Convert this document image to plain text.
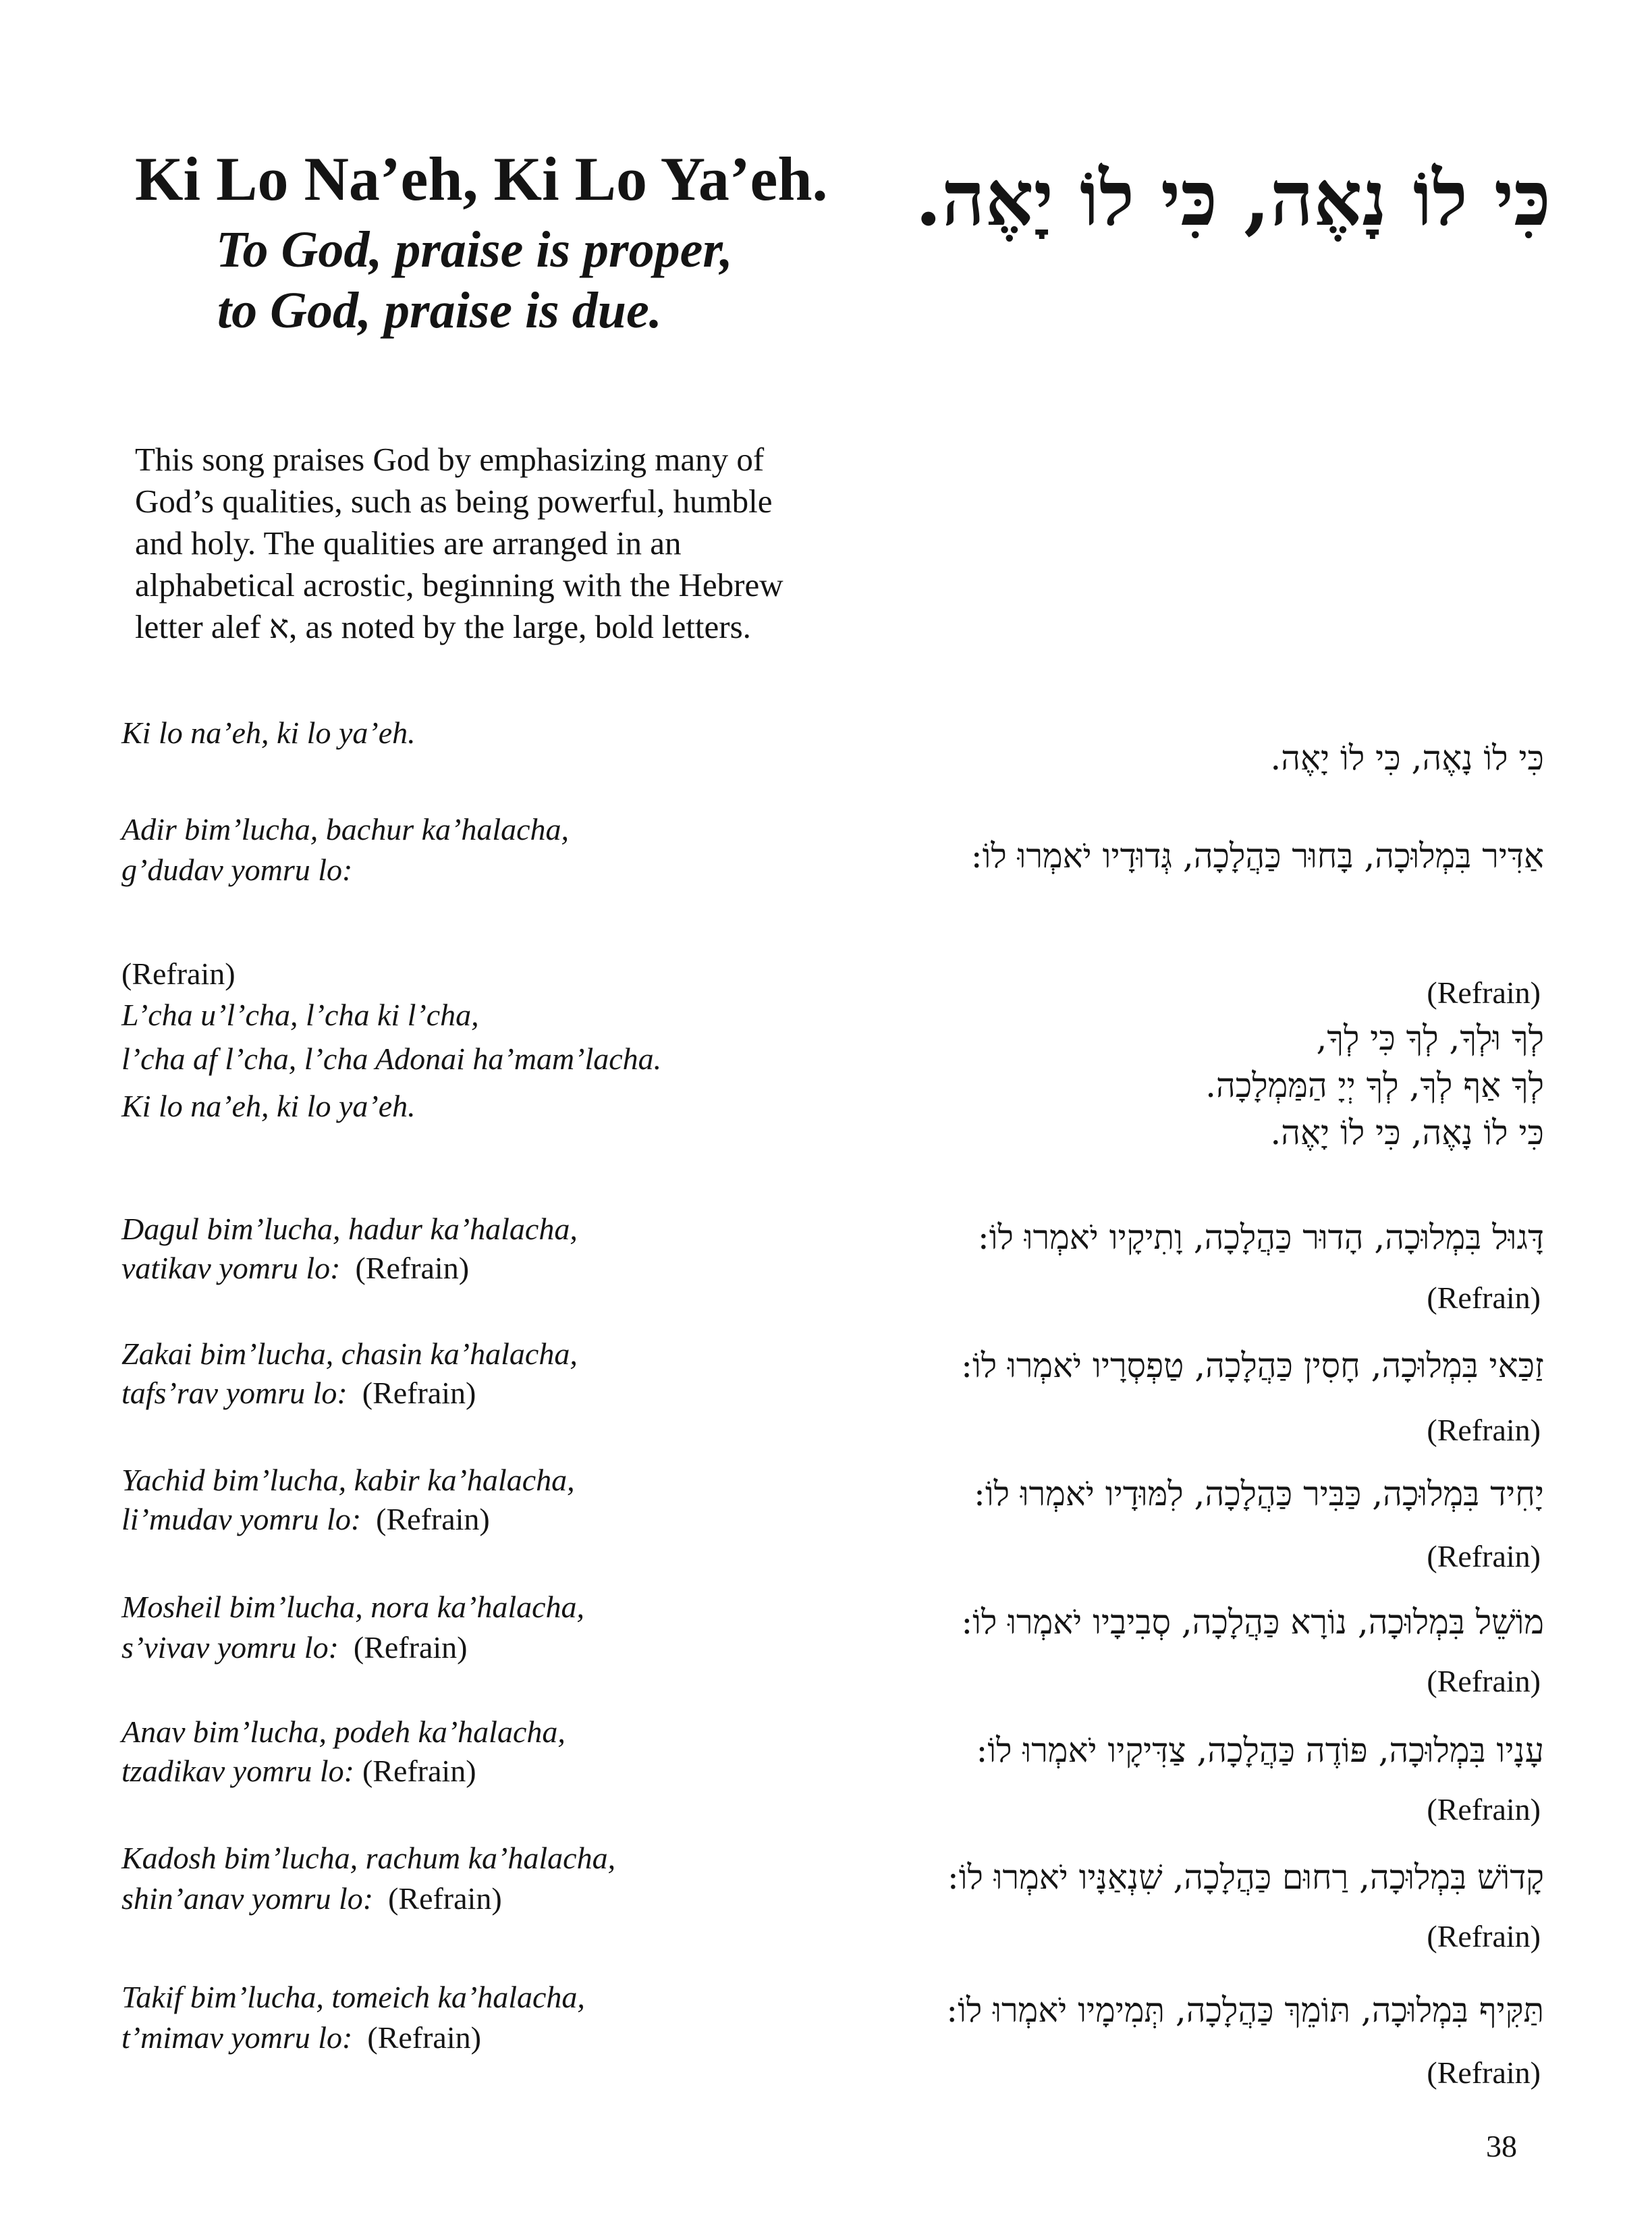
Ki Lo Na’eh, Ki Lo Ya’eh.
To God, praise is proper,
to God, praise is due.
כִּי לוֹ נָאֶה, כִּי לוֹ יָאֶה.
This song praises God by emphasizing many of God’s qualities, such as being powerful, humble and holy. The qualities are arranged in an alphabetical acrostic, beginning with the Hebrew letter alef א, as noted by the large, bold letters.
Ki lo na’eh, ki lo ya’eh.
כִּי לוֹ נָאֶה, כִּי לוֹ יָאֶה.
Adir bim’lucha, bachur ka’halacha,
g’dudav yomru lo:	אַדִּיר בִּמְלוּכָה, בָּחוּר כַּהֲלָכָה, גְּדוּדָיו יֹאמְרוּ לוֹ:
(Refrain)
L’cha u’l’cha, l’cha ki l’cha,
l’cha af l’cha, l’cha Adonai ha’mam’lacha.
Ki lo na’eh, ki lo ya’eh.
(Refrain)
לְךָ וּלְךָ, לְךָ כִּי לְךָ,
לְךָ אַף לְךָ, לְךָ יְיָ הַמַּמְלָכָה.
כִּי לוֹ נָאֶה, כִּי לוֹ יָאֶה.
Dagul bim’lucha, hadur ka’halacha,
vatikav yomru lo: (Refrain)
דָּגוּל בִּמְלוּכָה, הָדוּר כַּהֲלָכָה, וָתִיקָיו יֹאמְרוּ לוֹ:
(Refrain)
Zakai bim’lucha, chasin ka’halacha,
tafs’rav yomru lo: (Refrain)
זַכַּאי בִּמְלוּכָה, חָסִין כַּהֲלָכָה, טַפְסְרָיו יֹאמְרוּ לוֹ:
(Refrain)
Yachid bim’lucha, kabir ka’halacha,
li’mudav yomru lo: (Refrain)
יָחִיד בִּמְלוּכָה, כַּבִּיר כַּהֲלָכָה, לִמּוּדָיו יֹאמְרוּ לוֹ:
(Refrain)
Mosheil bim’lucha, nora ka’halacha,
s’vivav yomru lo: (Refrain)
מוֹשֵׁל בִּמְלוּכָה, נוֹרָא כַּהֲלָכָה, סְבִיבָיו יֹאמְרוּ לוֹ:
(Refrain)
Anav bim’lucha, podeh ka’halacha,
tzadikav yomru lo: (Refrain)
עָנָיו בִּמְלוּכָה, פּוֹדֶה כַּהֲלָכָה, צַדִּיקָיו יֹאמְרוּ לוֹ:
(Refrain)
Kadosh bim’lucha, rachum ka’halacha,
shin’anav yomru lo: (Refrain)
קָדוֹשׁ בִּמְלוּכָה, רַחוּם כַּהֲלָכָה, שִׁנְאַנָּיו יֹאמְרוּ לוֹ:
(Refrain)
Takif bim’lucha, tomeich ka’halacha,
t’mimav yomru lo: (Refrain)
תַּקִּיף בִּמְלוּכָה, תּוֹמֵךְ כַּהֲלָכָה, תְּמִימָיו יֹאמְרוּ לוֹ:
(Refrain)
38
